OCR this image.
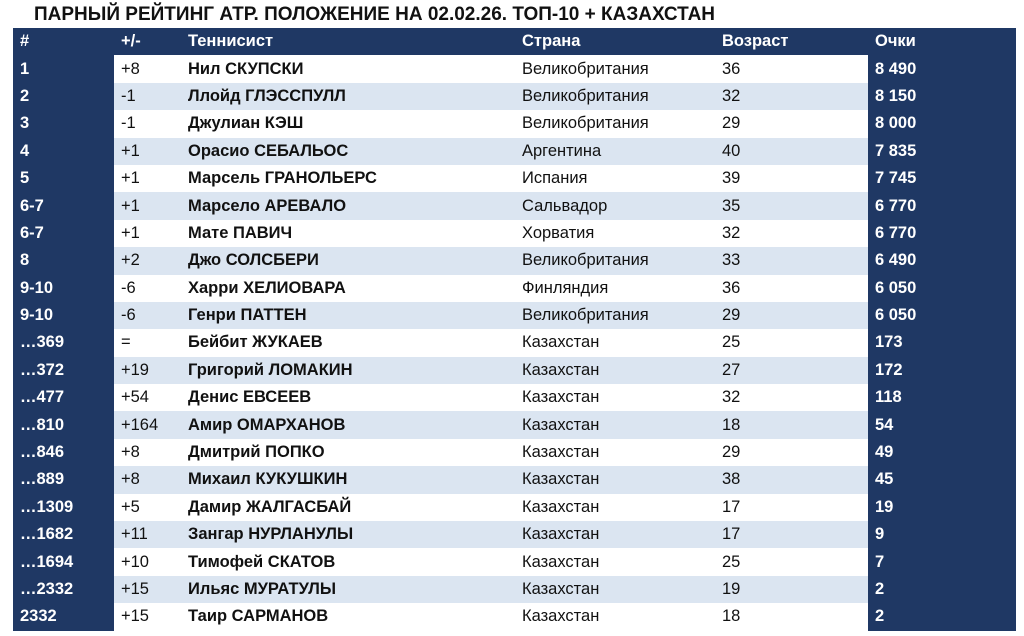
ПАРНЫЙ РЕЙТИНГ АТР. ПОЛОЖЕНИЕ НА 02.02.26. ТОП-10 + КАЗАХСТАН
#	+/-	Теннисист	Страна	Возраст	Очки
1	+8	Нил СКУПСКИ	Великобритания	36	8 490
2	-1	Ллойд ГЛЭССПУЛЛ	Великобритания	32	8 150
3	-1	Джулиан КЭШ	Великобритания	29	8 000
4	+1	Орасио СЕБАЛЬОС	Аргентина	40	7 835
5	+1	Марсель ГРАНОЛЬЕРС	Испания	39	7 745
6-7	+1	Марсело АРЕВАЛО	Сальвадор	35	6 770
6-7	+1	Мате ПАВИЧ	Хорватия	32	6 770
8	+2	Джо СОЛСБЕРИ	Великобритания	33	6 490
9-10	-6	Харри ХЕЛИОВАРА	Финляндия	36	6 050
9-10	-6	Генри ПАТТЕН	Великобритания	29	6 050
…369	=	Бейбит ЖУКАЕВ	Казахстан	25	173
…372	+19	Григорий ЛОМАКИН	Казахстан	27	172
…477	+54	Денис ЕВСЕЕВ	Казахстан	32	118
…810	+164	Амир ОМАРХАНОВ	Казахстан	18	54
…846	+8	Дмитрий ПОПКО	Казахстан	29	49
…889	+8	Михаил КУКУШКИН	Казахстан	38	45
…1309	+5	Дамир ЖАЛГАСБАЙ	Казахстан	17	19
…1682	+11	Зангар НУРЛАНУЛЫ	Казахстан	17	9
…1694	+10	Тимофей СКАТОВ	Казахстан	25	7
…2332	+15	Ильяс МУРАТУЛЫ	Казахстан	19	2
2332	+15	Таир САРМАНОВ	Казахстан	18	2
